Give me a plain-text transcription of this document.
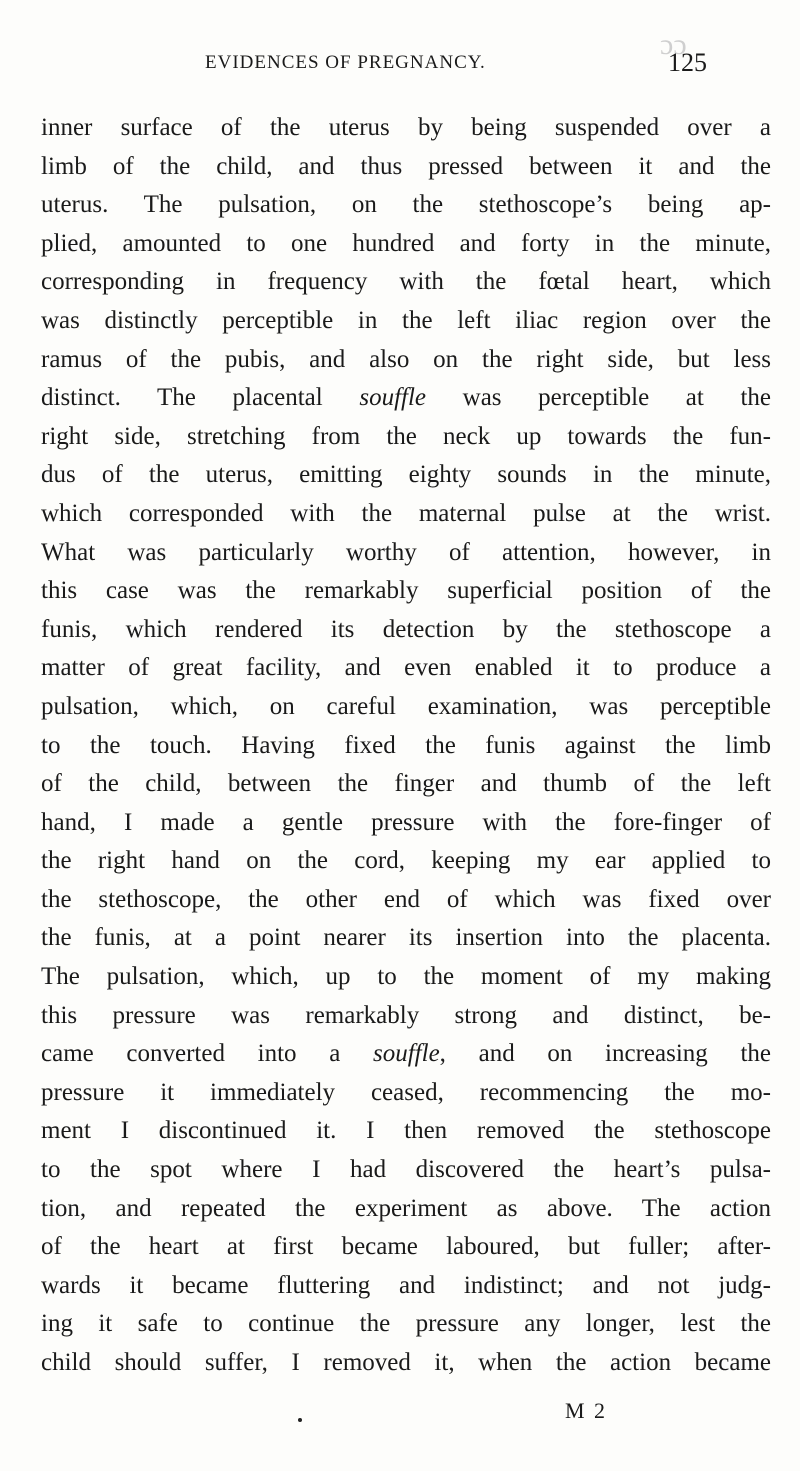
ɔɔ
EVIDENCES OF PREGNANCY.	125
inner surface of the uterus by being suspended over a
limb of the child, and thus pressed between it and the
uterus. The pulsation, on the stethoscope’s being ap-
plied, amounted to one hundred and forty in the minute,
corresponding in frequency with the fœtal heart, which
was distinctly perceptible in the left iliac region over the
ramus of the pubis, and also on the right side, but less
distinct. The placental souffle was perceptible at the
right side, stretching from the neck up towards the fun-
dus of the uterus, emitting eighty sounds in the minute,
which corresponded with the maternal pulse at the wrist.
What was particularly worthy of attention, however, in
this case was the remarkably superficial position of the
funis, which rendered its detection by the stethoscope a
matter of great facility, and even enabled it to produce a
pulsation, which, on careful examination, was perceptible
to the touch. Having fixed the funis against the limb
of the child, between the finger and thumb of the left
hand, I made a gentle pressure with the fore-finger of
the right hand on the cord, keeping my ear applied to
the stethoscope, the other end of which was fixed over
the funis, at a point nearer its insertion into the placenta.
The pulsation, which, up to the moment of my making
this pressure was remarkably strong and distinct, be-
came converted into a souffle, and on increasing the
pressure it immediately ceased, recommencing the mo-
ment I discontinued it. I then removed the stethoscope
to the spot where I had discovered the heart’s pulsa-
tion, and repeated the experiment as above. The action
of the heart at first became laboured, but fuller; after-
wards it became fluttering and indistinct; and not judg-
ing it safe to continue the pressure any longer, lest the
child should suffer, I removed it, when the action became
M 2
